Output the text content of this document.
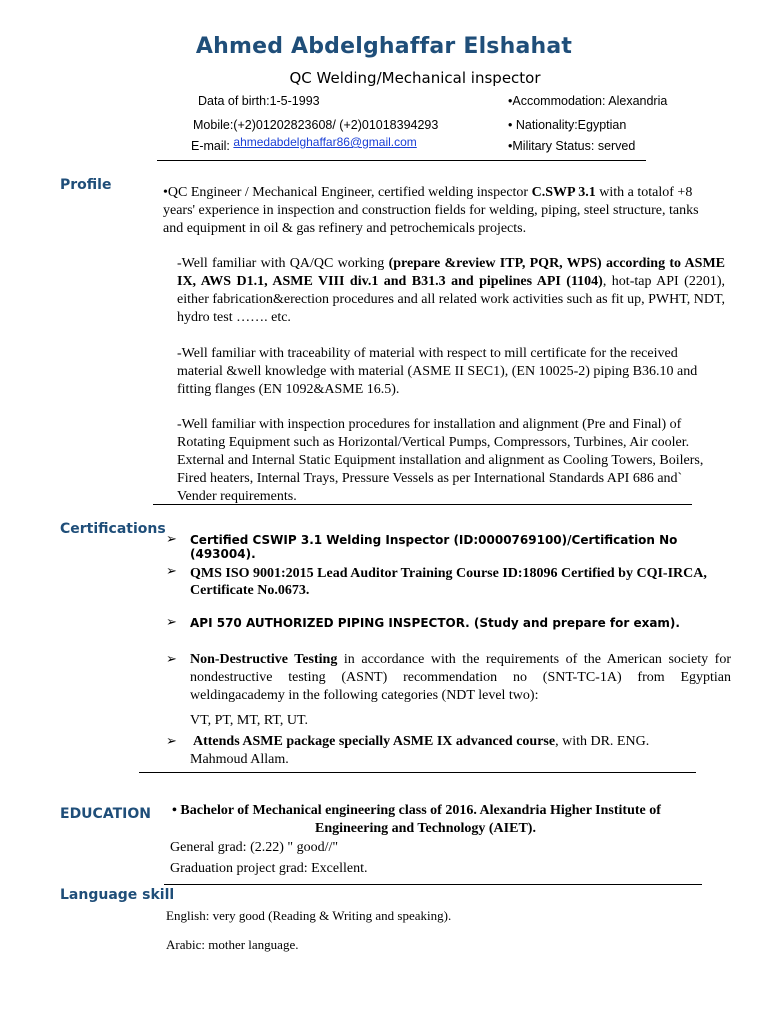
Ahmed Abdelghaffar Elshahat
QC Welding/Mechanical inspector
Data of birth:1-5-1993
Mobile:(+2)01202823608/ (+2)01018394293
E-mail: ahmedabdelghaffar86@gmail.com
•Accommodation: Alexandria
• Nationality:Egyptian
•Military Status: served
Profile	•QC Engineer / Mechanical Engineer, certified welding inspector C.SWP 3.1 with a totalof +8 years' experience in inspection and construction fields for welding, piping, steel structure, tanks and equipment in oil & gas refinery and petrochemicals projects.
-Well familiar with QA/QC working (prepare &review ITP, PQR, WPS) according to ASME IX, AWS D1.1, ASME VIII div.1 and B31.3 and pipelines API (1104), hot-tap API (2201), either fabrication&erection procedures and all related work activities such as fit up, PWHT, NDT, hydro test ……. etc.
-Well familiar with traceability of material with respect to mill certificate for the received material &well knowledge with material (ASME II SEC1), (EN 10025-2) piping B36.10 and fitting flanges (EN 1092&ASME 16.5).
-Well familiar with inspection procedures for installation and alignment (Pre and Final) of Rotating Equipment such as Horizontal/Vertical Pumps, Compressors, Turbines, Air cooler. External and Internal Static Equipment installation and alignment as Cooling Towers, Boilers, Fired heaters, Internal Trays, Pressure Vessels as per International Standards API 686 and` Vender requirements.
Certifications
➢ Certified CSWIP 3.1 Welding Inspector (ID:0000769100)/Certification No (493004).
➢ QMS ISO 9001:2015 Lead Auditor Training Course ID:18096 Certified by CQI-IRCA, Certificate No.0673.
➢ API 570 AUTHORIZED PIPING INSPECTOR. (Study and prepare for exam).
➢ Non-Destructive Testing in accordance with the requirements of the American society for nondestructive testing (ASNT) recommendation no (SNT-TC-1A) from Egyptian weldingacademy in the following categories (NDT level two):
VT, PT, MT, RT, UT.
➢ Attends ASME package specially ASME IX advanced course, with DR. ENG. Mahmoud Allam.
EDUCATION • Bachelor of Mechanical engineering class of 2016. Alexandria Higher Institute of
Engineering and Technology (AIET).
General grad: (2.22) " good//"
Graduation project grad: Excellent.
Language skill
English: very good (Reading & Writing and speaking).
Arabic: mother language.
